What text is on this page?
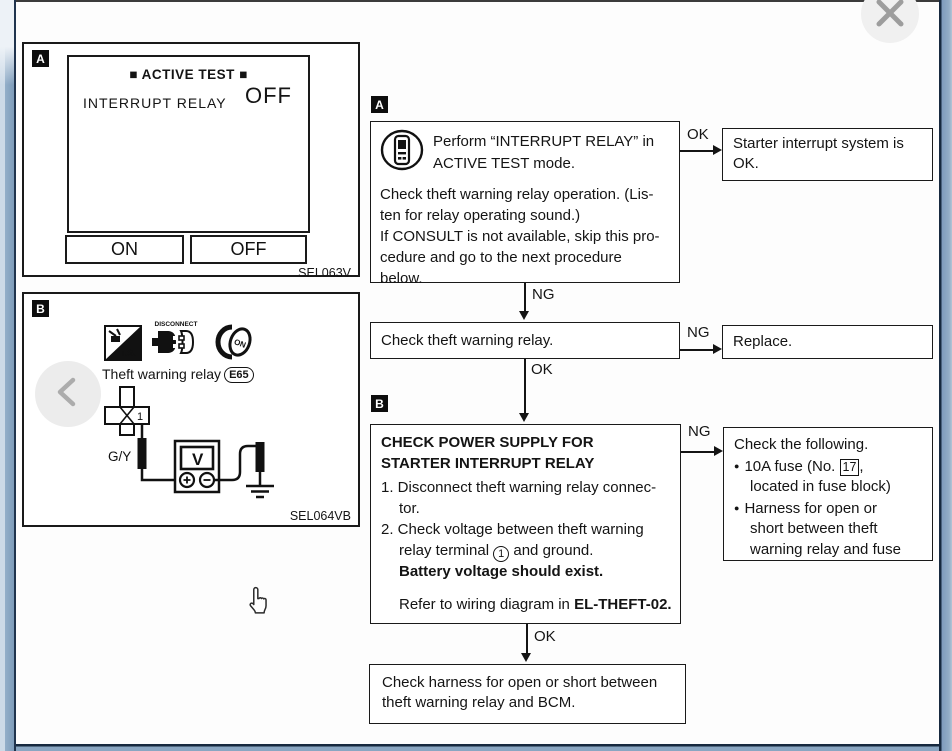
A
■ ACTIVE TEST ■
INTERRUPT RELAY OFF
ON	OFF
SEL063V
B
T.S.
DISCONNECT
ON
Theft warning relay E65
1
G/Y	V
SEL064VB
A
Perform “INTERRUPT RELAY” in
ACTIVE TEST mode.
Check theft warning relay operation. (Lis-
ten for relay operating sound.)
If CONSULT is not available, skip this pro-
cedure and go to the next procedure
below.
OK
Starter interrupt system is
OK.
NG
Check theft warning relay.	NG
Replace.
OK
B
CHECK POWER SUPPLY FOR
STARTER INTERRUPT RELAY
1. Disconnect theft warning relay connec-
tor.
2. Check voltage between theft warning
relay terminal 1 and ground.
Battery voltage should exist.
Refer to wiring diagram in EL-THEFT-02.
NG
Check the following.
● 10A fuse (No. 17 ,
located in fuse block)
● Harness for open or
short between theft
warning relay and fuse
OK
Check harness for open or short between
theft warning relay and BCM.
